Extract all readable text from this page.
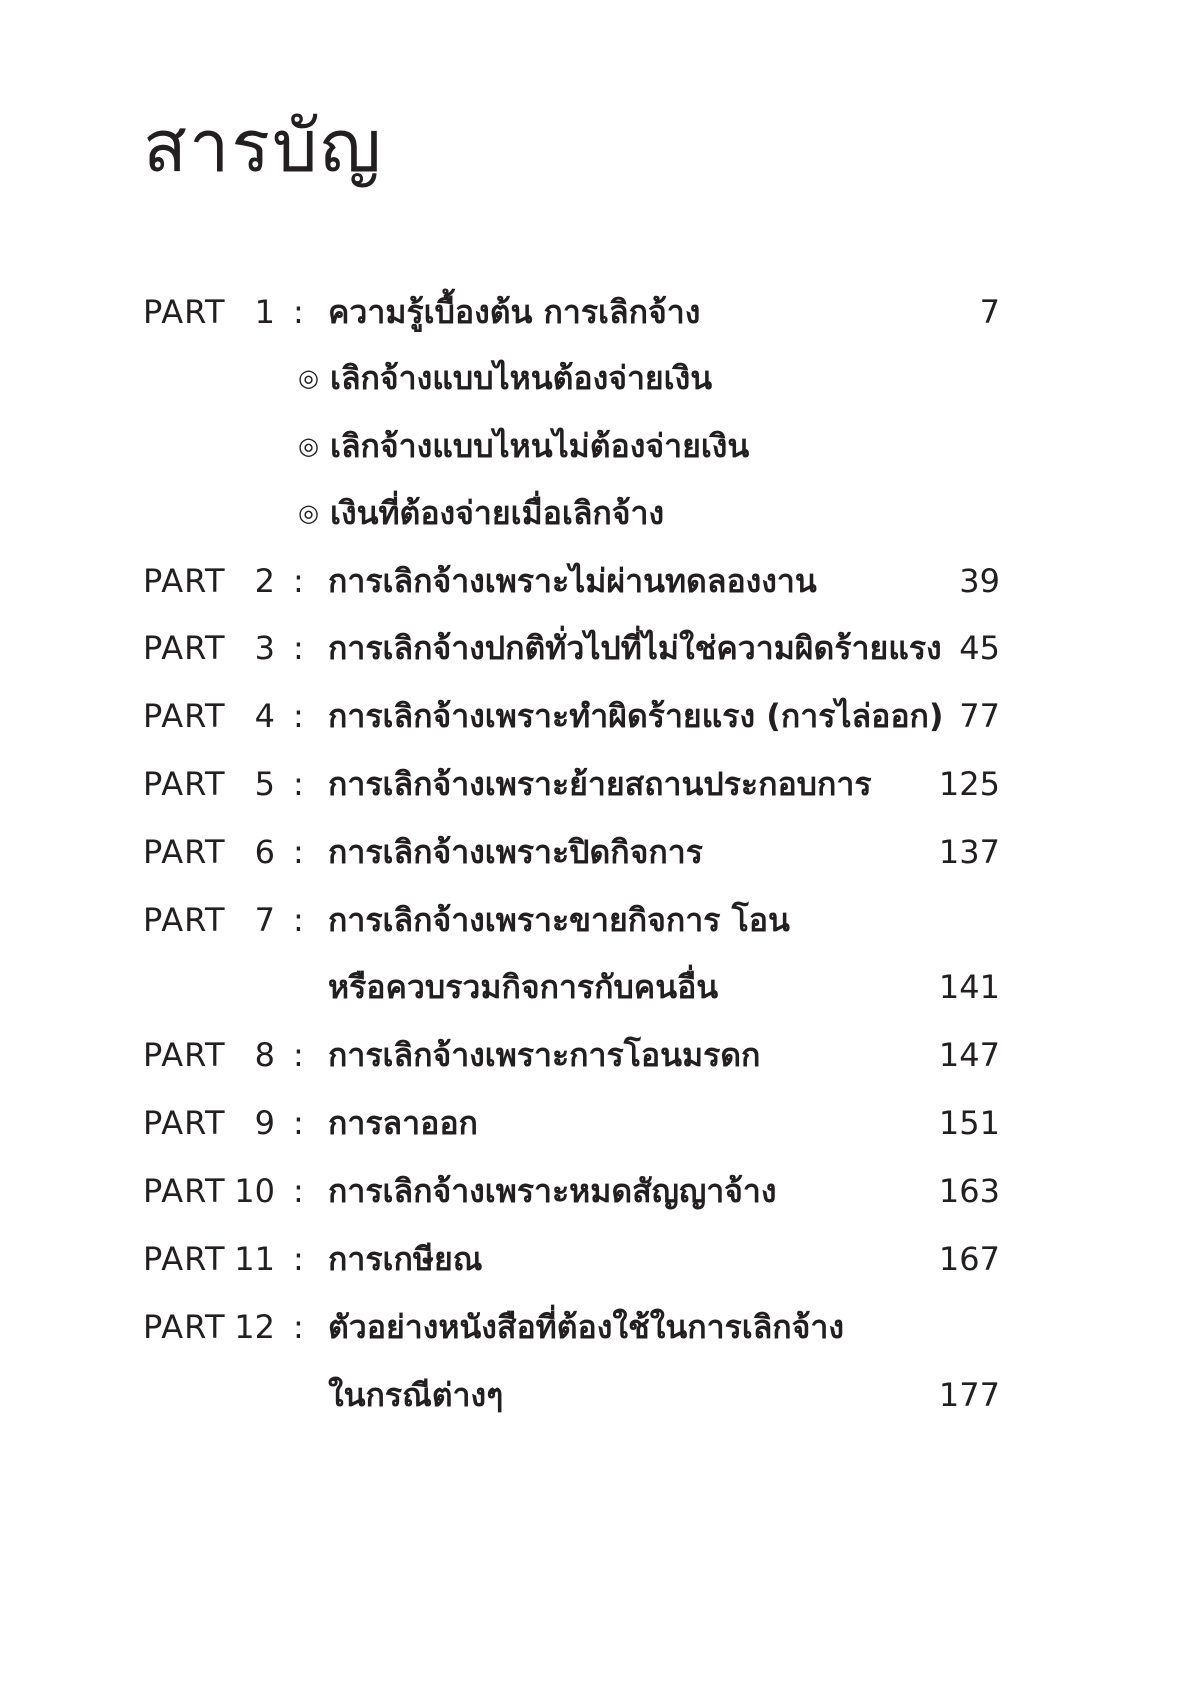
สารบัญ
PART 1 : ความรู้เบื้องต้น การเลิกจ้าง	7
◎ เลิกจ้างแบบไหนต้องจ่ายเงิน
◎ เลิกจ้างแบบไหนไม่ต้องจ่ายเงิน
◎ เงินที่ต้องจ่ายเมื่อเลิกจ้าง
PART 2 : การเลิกจ้างเพราะไม่ผ่านทดลองงาน	39
PART 3 : การเลิกจ้างปกติทั่วไปที่ไม่ใช่ความผิดร้ายแรง 45
PART 4 : การเลิกจ้างเพราะทำผิดร้ายแรง (การไล่ออก) 77
PART 5 : การเลิกจ้างเพราะย้ายสถานประกอบการ 125
PART 6 : การเลิกจ้างเพราะปิดกิจการ	137
PART 7 : การเลิกจ้างเพราะขายกิจการ โอน
หรือควบรวมกิจการกับคนอื่น	141
PART 8 : การเลิกจ้างเพราะการโอนมรดก	147
PART 9 : การลาออก	151
PART 10 : การเลิกจ้างเพราะหมดสัญญาจ้าง	163
PART 11 : การเกษียณ	167
PART 12 : ตัวอย่างหนังสือที่ต้องใช้ในการเลิกจ้าง
ในกรณีต่างๆ	177
